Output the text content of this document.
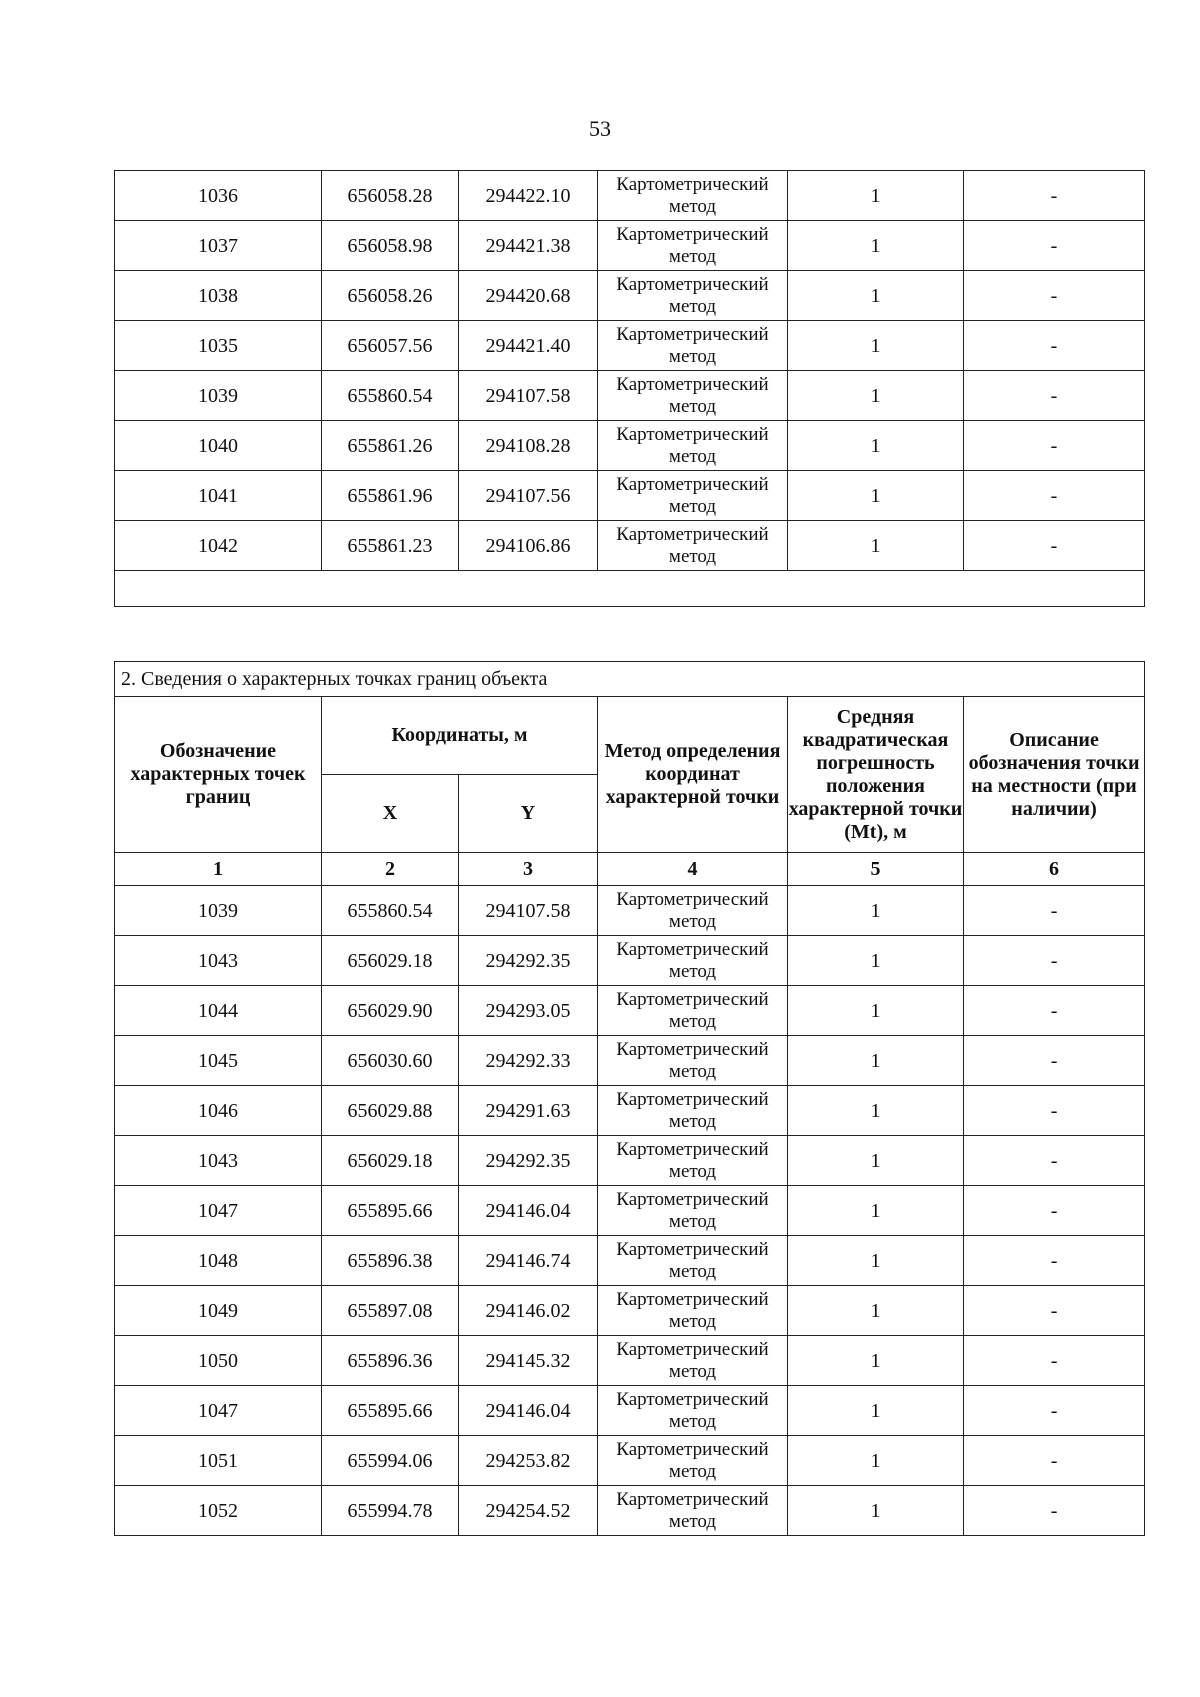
53
1036	656058.28	294422.10	Картометрический метод	1	-
1037	656058.98	294421.38	Картометрический метод	1	-
1038	656058.26	294420.68	Картометрический метод	1	-
1035	656057.56	294421.40	Картометрический метод	1	-
1039	655860.54	294107.58	Картометрический метод	1	-
1040	655861.26	294108.28	Картометрический метод	1	-
1041	655861.96	294107.56	Картометрический метод	1	-
1042	655861.23	294106.86	Картометрический метод	1	-

2. Сведения о характерных точках границ объекта					
Обозначение характерных точек границ	Координаты, м		Метод определения координат характерной точки	Средняя квадратическая погрешность положения характерной точки (Mt), м	Описание обозначения точки на местности (при наличии)
	X	Y			
1	2	3	4	5	6
1039	655860.54	294107.58	Картометрический метод	1	-
1043	656029.18	294292.35	Картометрический метод	1	-
1044	656029.90	294293.05	Картометрический метод	1	-
1045	656030.60	294292.33	Картометрический метод	1	-
1046	656029.88	294291.63	Картометрический метод	1	-
1043	656029.18	294292.35	Картометрический метод	1	-
1047	655895.66	294146.04	Картометрический метод	1	-
1048	655896.38	294146.74	Картометрический метод	1	-
1049	655897.08	294146.02	Картометрический метод	1	-
1050	655896.36	294145.32	Картометрический метод	1	-
1047	655895.66	294146.04	Картометрический метод	1	-
1051	655994.06	294253.82	Картометрический метод	1	-
1052	655994.78	294254.52	Картометрический метод	1	-
